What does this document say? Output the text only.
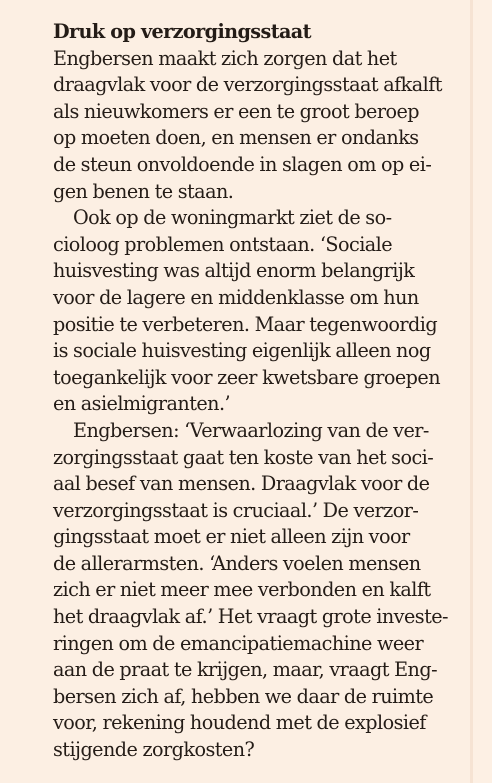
Druk op verzorgingsstaat
Engbersen maakt zich zorgen dat het
draagvlak voor de verzorgingsstaat afkalft
als nieuwkomers er een te groot beroep
op moeten doen, en mensen er ondanks
de steun onvoldoende in slagen om op ei-
gen benen te staan.
Ook op de woningmarkt ziet de so-
cioloog problemen ontstaan. ‘Sociale
huisvesting was altijd enorm belangrijk
voor de lagere en middenklasse om hun
positie te verbeteren. Maar tegenwoordig
is sociale huisvesting eigenlijk alleen nog
toegankelijk voor zeer kwetsbare groepen
en asielmigranten.’
Engbersen: ‘Verwaarlozing van de ver-
zorgingsstaat gaat ten koste van het soci-
aal besef van mensen. Draagvlak voor de
verzorgingsstaat is cruciaal.’ De verzor-
gingsstaat moet er niet alleen zijn voor
de allerarmsten. ‘Anders voelen mensen
zich er niet meer mee verbonden en kalft
het draagvlak af.’ Het vraagt grote investe-
ringen om de emancipatiemachine weer
aan de praat te krijgen, maar, vraagt Eng-
bersen zich af, hebben we daar de ruimte
voor, rekening houdend met de explosief
stijgende zorgkosten?
